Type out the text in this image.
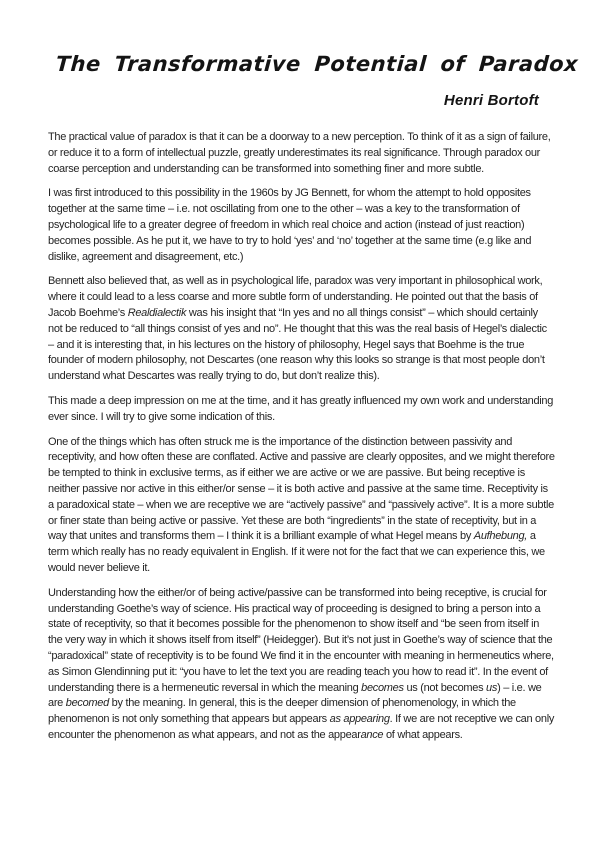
The Transformative Potential of Paradox
Henri Bortoft

The practical value of paradox is that it can be a doorway to a new perception. To think of it as a sign of failure, or reduce it to a form of intellectual puzzle, greatly underestimates its real significance. Through paradox our coarse perception and understanding can be transformed into something finer and more subtle.

I was first introduced to this possibility in the 1960s by JG Bennett, for whom the attempt to hold opposites together at the same time – i.e. not oscillating from one to the other – was a key to the transformation of psychological life to a greater degree of freedom in which real choice and action (instead of just reaction) becomes possible. As he put it, we have to try to hold ‘yes’ and ‘no’ together at the same time (e.g like and dislike, agreement and disagreement, etc.)

Bennett also believed that, as well as in psychological life, paradox was very important in philosophical work, where it could lead to a less coarse and more subtle form of understanding. He pointed out that the basis of Jacob Boehme’s Realdialectik was his insight that “In yes and no all things consist” – which should certainly not be reduced to “all things consist of yes and no”. He thought that this was the real basis of Hegel’s dialectic – and it is interesting that, in his lectures on the history of philosophy, Hegel says that Boehme is the true founder of modern philosophy, not Descartes (one reason why this looks so strange is that most people don’t understand what Descartes was really trying to do, but don’t realize this).

This made a deep impression on me at the time, and it has greatly influenced my own work and understanding ever since. I will try to give some indication of this.

One of the things which has often struck me is the importance of the distinction between passivity and receptivity, and how often these are conflated. Active and passive are clearly opposites, and we might therefore be tempted to think in exclusive terms, as if either we are active or we are passive. But being receptive is neither passive nor active in this either/or sense – it is both active and passive at the same time. Receptivity is a paradoxical state – when we are receptive we are “actively passive” and “passively active”. It is a more subtle or finer state than being active or passive. Yet these are both “ingredients” in the state of receptivity, but in a way that unites and transforms them – I think it is a brilliant example of what Hegel means by Aufhebung, a term which really has no ready equivalent in English. If it were not for the fact that we can experience this, we would never believe it.

Understanding how the either/or of being active/passive can be transformed into being receptive, is crucial for understanding Goethe’s way of science. His practical way of proceeding is designed to bring a person into a state of receptivity, so that it becomes possible for the phenomenon to show itself and “be seen from itself in the very way in which it shows itself from itself” (Heidegger). But it’s not just in Goethe’s way of science that the “paradoxical” state of receptivity is to be found We find it in the encounter with meaning in hermeneutics where, as Simon Glendinning put it: “you have to let the text you are reading teach you how to read it”. In the event of understanding there is a hermeneutic reversal in which the meaning becomes us (not becomes us) – i.e. we are becomed by the meaning. In general, this is the deeper dimension of phenomenology, in which the phenomenon is not only something that appears but appears as appearing. If we are not receptive we can only encounter the phenomenon as what appears, and not as the appearance of what appears.
